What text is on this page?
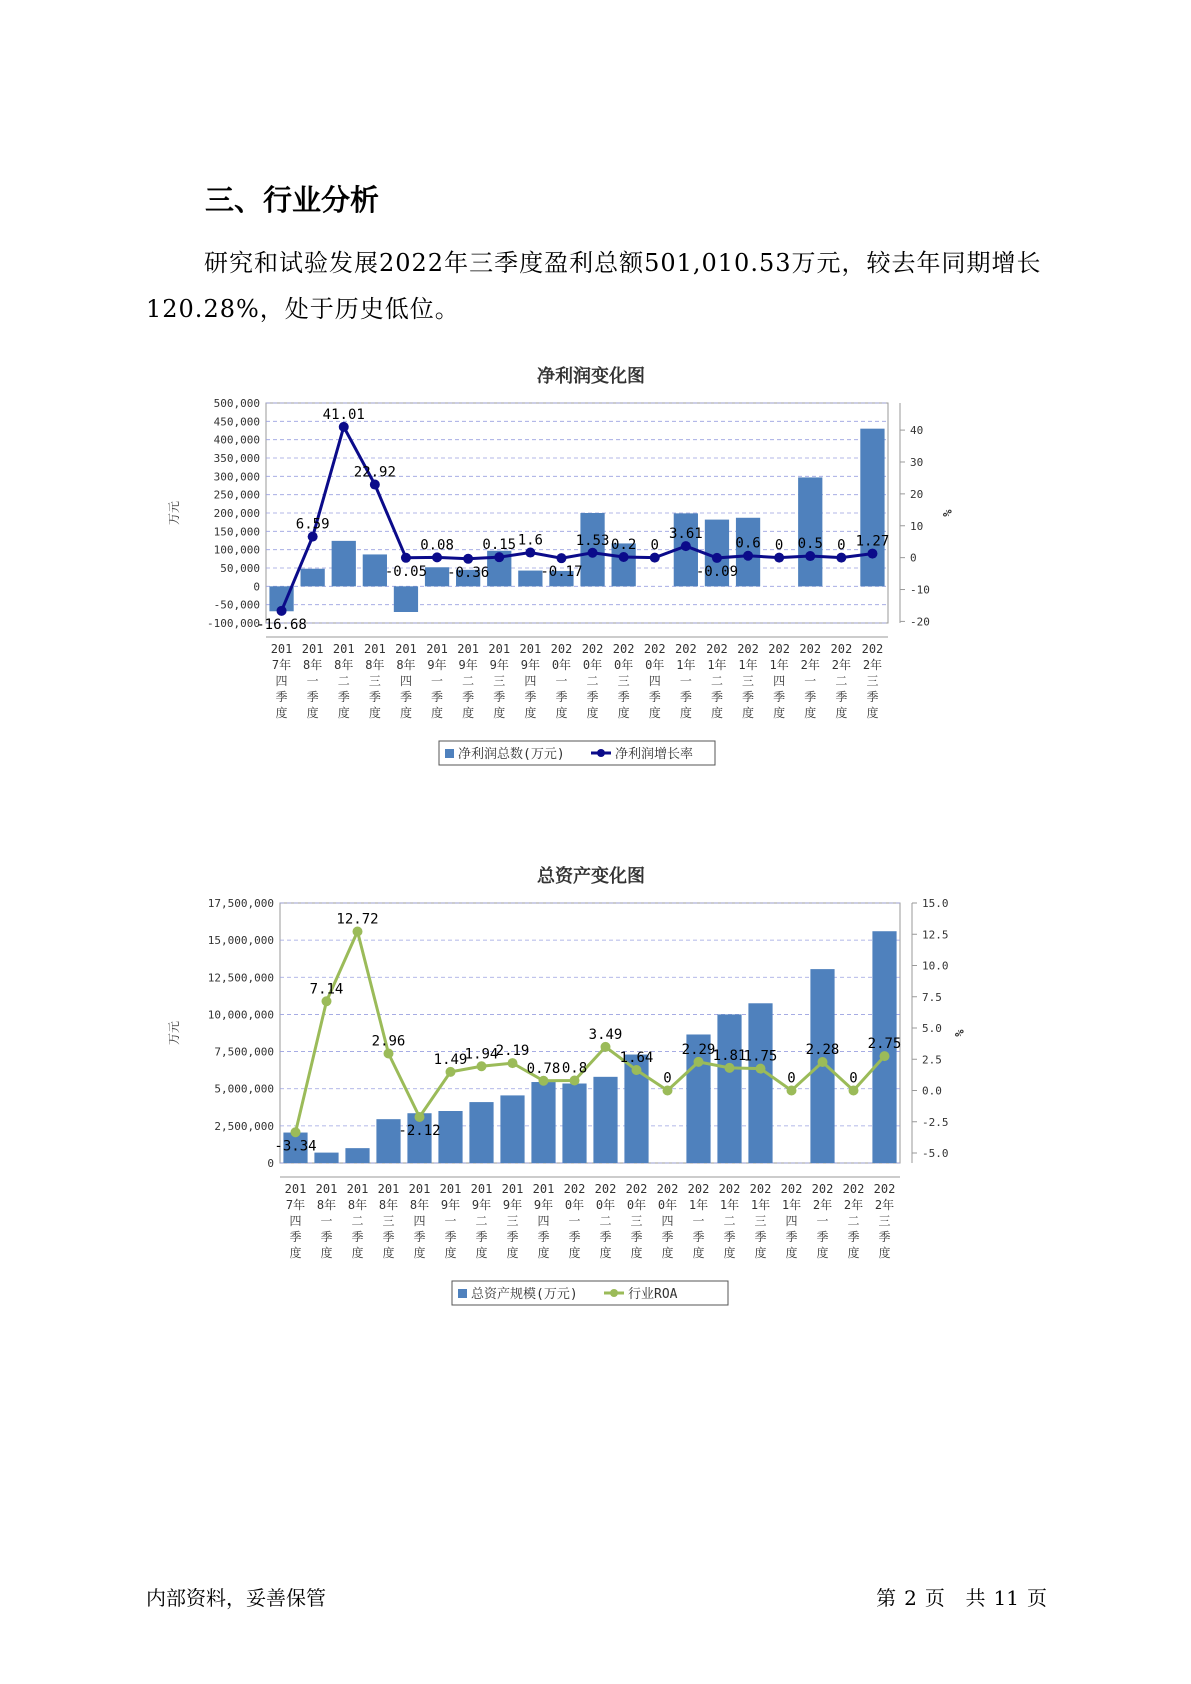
三、行业分析
研究和试验发展2022年三季度盈利总额501,010.53万元，较去年同期增长120.28%，处于历史低位。
净利润变化图
500,000
450,000
400,000
350,000
300,000
250,000
200,000
150,000
100,000
50,000
0
-50,000
-100,000
40
30
20
10
0
-10
-20
万元	%
-16.68
6.59
41.01
22.92
-0.05
0.08
-0.36
0.15 1.6
-0.17
1.53 0.2 0
3.61
-0.09
0.6 0 0.5 0 1.27
201
7年
四
季
度
201
8年
一
季
度
201
8年
二
季
度
201
8年
三
季
度
201
8年
四
季
度
201
9年
一
季
度
201
9年
二
季
度
201
9年
三
季
度
201
9年
四
季
度
202
0年
一
季
度
202
0年
二
季
度
202
0年
三
季
度
202
0年
四
季
度
202
1年
一
季
度
202
1年
二
季
度
202
1年
三
季
度
202
1年
四
季
度
202
2年
一
季
度
202
2年
二
季
度
202
2年
三
季
度
净利润总数(万元)	净利润增长率
总资产变化图
17,500,000
15,000,000
12,500,000
10,000,000
7,500,000
5,000,000
2,500,000
0
15.0
12.5
10.0
7.5
5.0
2.5
0.0
-2.5
-5.0
万元	%
-3.34
7.14
12.72
2.96
-2.12
1.49
1.94
2.19
0.78 0.8
3.49
1.64
0
2.29
1.81
1.75
0
2.28
0
2.75
201
7年
四
季
度
201
8年
一
季
度
201
8年
二
季
度
201
8年
三
季
度
201
8年
四
季
度
201
9年
一
季
度
201
9年
二
季
度
201
9年
三
季
度
201
9年
四
季
度
202
0年
一
季
度
202
0年
二
季
度
202
0年
三
季
度
202
0年
四
季
度
202
1年
一
季
度
202
1年
二
季
度
202
1年
三
季
度
202
1年
四
季
度
202
2年
一
季
度
202
2年
二
季
度
202
2年
三
季
度
总资产规模(万元)	行业ROA
内部资料，妥善保管	第 2 页 共 11 页
